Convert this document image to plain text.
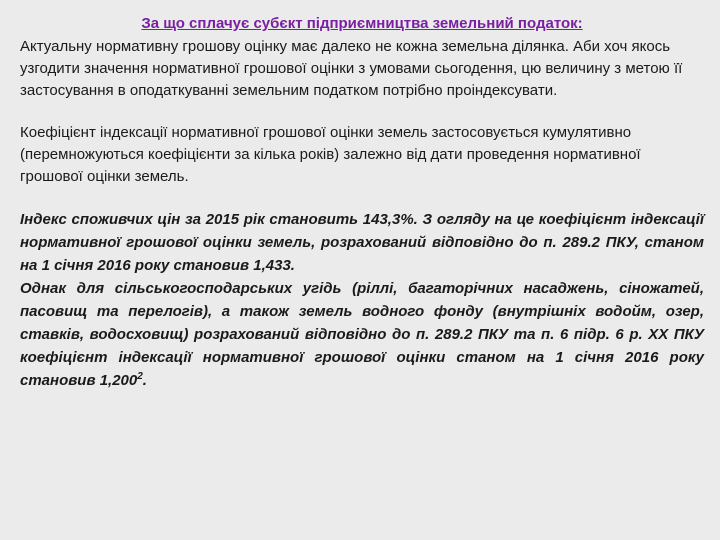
За що сплачує субєкт підприємництва земельний податок:

Актуальну нормативну грошову оцінку має далеко не кожна земельна ділянка. Аби хоч якось узгодити значення нормативної грошової оцінки з умовами сьогодення, цю величину з метою її застосування в оподаткуванні земельним податком потрібно проіндексувати.

Коефіцієнт індексації нормативної грошової оцінки земель застосовується кумулятивно (перемножуються коефіцієнти за кілька років) залежно від дати проведення нормативної грошової оцінки земель.

Індекс споживчих цін за 2015 рік становить 143,3%. З огляду на це коефіцієнт індексації нормативної грошової оцінки земель, розрахований відповідно до п. 289.2 ПКУ, станом на 1 січня 2016 року становив 1,433.

Однак для сільськогосподарських угідь (ріллі, багаторічних насаджень, сіножатей, пасовищ та перелогів), а також земель водного фонду (внутрішніх водойм, озер, ставків, водосховищ) розрахований відповідно до п. 289.2 ПКУ та п. 6 підр. 6 р. ХХ ПКУ коефіцієнт індексації нормативної грошової оцінки станом на 1 січня 2016 року становив 1,200$^2$.
